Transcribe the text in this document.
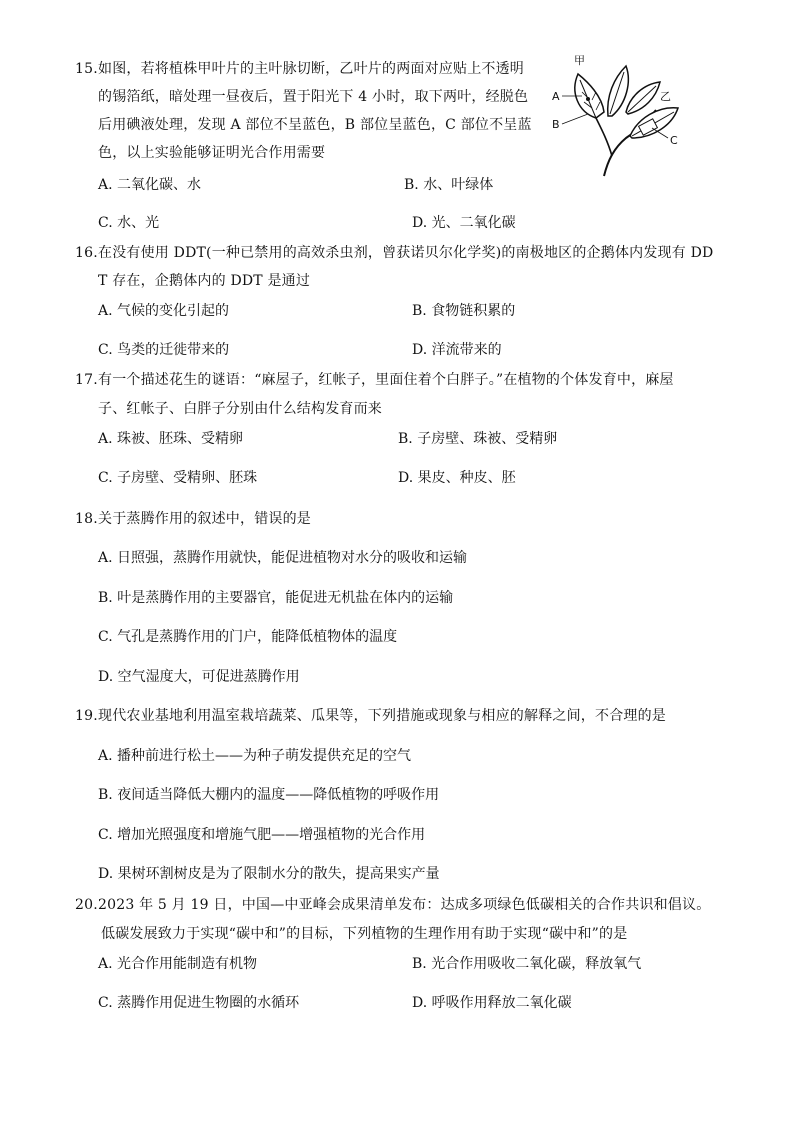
15. 如图，若将植株甲叶片的主叶脉切断，乙叶片的两面对应贴上不透明
的锡箔纸，暗处理一昼夜后，置于阳光下 4 小时，取下两叶，经脱色
后用碘液处理，发现 A 部位不呈蓝色，B 部位呈蓝色，C 部位不呈蓝
色，以上实验能够证明光合作用需要
A. 二氧化碳、水	B. 水、叶绿体
C. 水、光	D. 光、二氧化碳
甲
乙
A
B
C
16. 在没有使用 DDT(一种已禁用的高效杀虫剂，曾获诺贝尔化学奖)的南极地区的企鹅体内发现有 DD
T 存在，企鹅体内的 DDT 是通过
A. 气候的变化引起的	B. 食物链积累的
C. 鸟类的迁徙带来的	D. 洋流带来的
17. 有一个描述花生的谜语：“麻屋子，红帐子，里面住着个白胖子。”在植物的个体发育中，麻屋
子、红帐子、白胖子分别由什么结构发育而来
A. 珠被、胚珠、受精卵	B. 子房壁、珠被、受精卵
C. 子房壁、受精卵、胚珠	D. 果皮、种皮、胚
18. 关于蒸腾作用的叙述中，错误的是
A. 日照强，蒸腾作用就快，能促进植物对水分的吸收和运输
B. 叶是蒸腾作用的主要器官，能促进无机盐在体内的运输
C. 气孔是蒸腾作用的门户，能降低植物体的温度
D. 空气湿度大，可促进蒸腾作用
19. 现代农业基地利用温室栽培蔬菜、瓜果等，下列措施或现象与相应的解释之间，不合理的是
A. 播种前进行松土——为种子萌发提供充足的空气
B. 夜间适当降低大棚内的温度——降低植物的呼吸作用
C. 增加光照强度和增施气肥——增强植物的光合作用
D. 果树环割树皮是为了限制水分的散失，提高果实产量
20. 2023 年 5 月 19 日，中国—中亚峰会成果清单发布：达成多项绿色低碳相关的合作共识和倡议。
低碳发展致力于实现“碳中和”的目标，下列植物的生理作用有助于实现“碳中和”的是
A. 光合作用能制造有机物	B. 光合作用吸收二氧化碳，释放氧气
C. 蒸腾作用促进生物圈的水循环	D. 呼吸作用释放二氧化碳
